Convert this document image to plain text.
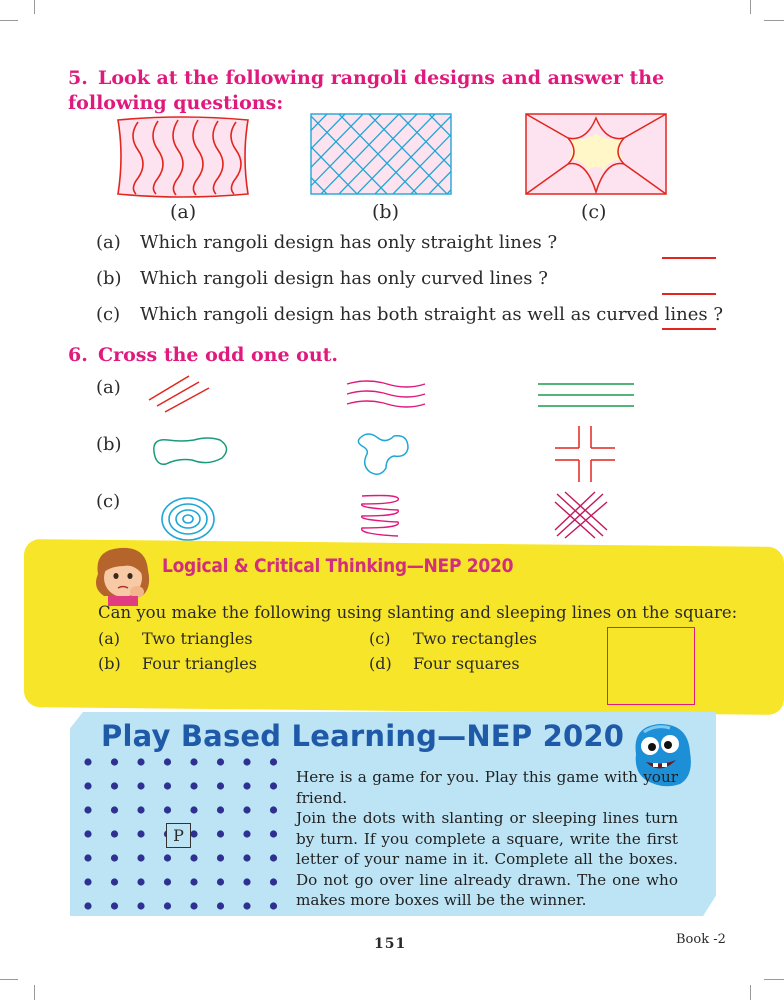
5. Look at the following rangoli designs and answer the following questions:
(a)	(b)	(c)
(a) Which rangoli design has only straight lines ?
(b) Which rangoli design has only curved lines ?
(c) Which rangoli design has both straight as well as curved lines ?
6. Cross the odd one out.
(a)
(b)
(c)
Logical & Critical Thinking—NEP 2020
Can you make the following using slanting and sleeping lines on the square:
(a) Two triangles
(b) Four triangles
(c) Two rectangles
(d) Four squares
Play Based Learning—NEP 2020
P

Here is a game for you. Play this game with your friend.

Join the dots with slanting or sleeping lines turn by turn. If you complete a square, write the first letter of your name in it. Complete all the boxes. Do not go over line already drawn. The one who makes more boxes will be the winner.

151	Book -2
